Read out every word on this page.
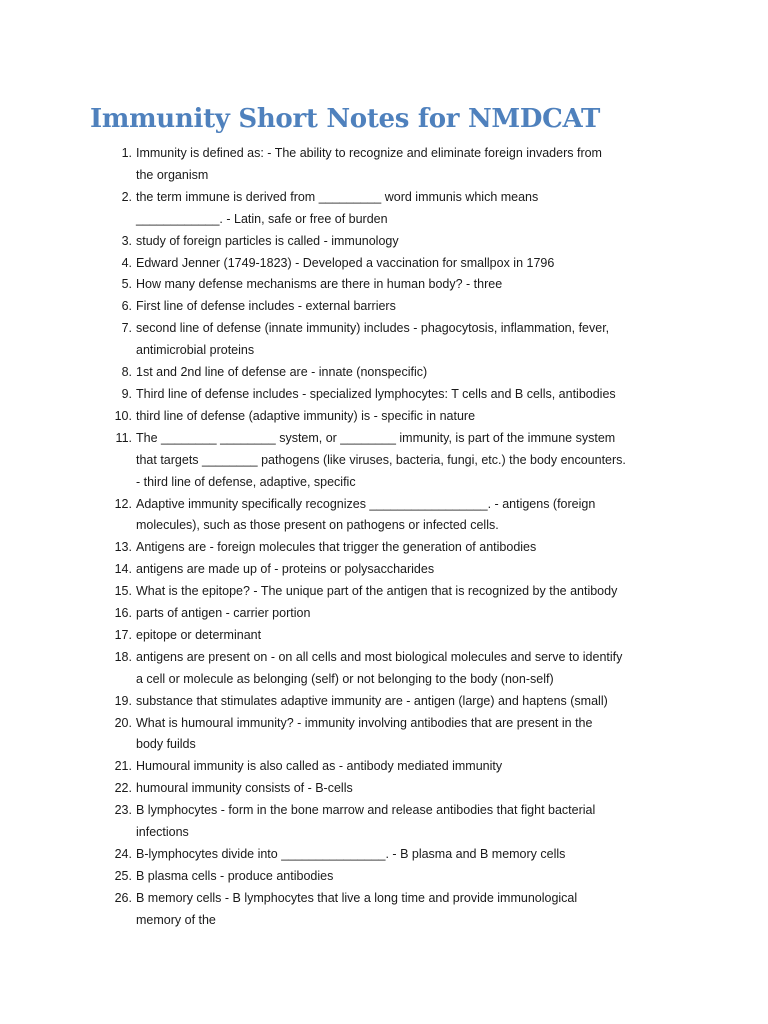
Immunity Short Notes for NMDCAT
1. Immunity is defined as: - The ability to recognize and eliminate foreign invaders from
the organism
2. the term immune is derived from _________ word immunis which means
____________. - Latin, safe or free of burden
3. study of foreign particles is called - immunology
4. Edward Jenner (1749-1823) - Developed a vaccination for smallpox in 1796
5. How many defense mechanisms are there in human body? - three
6. First line of defense includes - external barriers
7. second line of defense (innate immunity) includes - phagocytosis, inflammation, fever,
antimicrobial proteins
8. 1st and 2nd line of defense are - innate (nonspecific)
9. Third line of defense includes - specialized lymphocytes: T cells and B cells, antibodies
10. third line of defense (adaptive immunity) is - specific in nature
11. The ________ ________ system, or ________ immunity, is part of the immune system
that targets ________ pathogens (like viruses, bacteria, fungi, etc.) the body encounters.
- third line of defense, adaptive, specific
12. Adaptive immunity specifically recognizes _________________. - antigens (foreign
molecules), such as those present on pathogens or infected cells.
13. Antigens are - foreign molecules that trigger the generation of antibodies
14. antigens are made up of - proteins or polysaccharides
15. What is the epitope? - The unique part of the antigen that is recognized by the antibody
16. parts of antigen - carrier portion
17. epitope or determinant
18. antigens are present on - on all cells and most biological molecules and serve to identify
a cell or molecule as belonging (self) or not belonging to the body (non-self)
19. substance that stimulates adaptive immunity are - antigen (large) and haptens (small)
20. What is humoural immunity? - immunity involving antibodies that are present in the
body fuilds
21. Humoural immunity is also called as - antibody mediated immunity
22. humoural immunity consists of - B-cells
23. B lymphocytes - form in the bone marrow and release antibodies that fight bacterial
infections
24. B-lymphocytes divide into _______________. - B plasma and B memory cells
25. B plasma cells - produce antibodies
26. B memory cells - B lymphocytes that live a long time and provide immunological
memory of the
